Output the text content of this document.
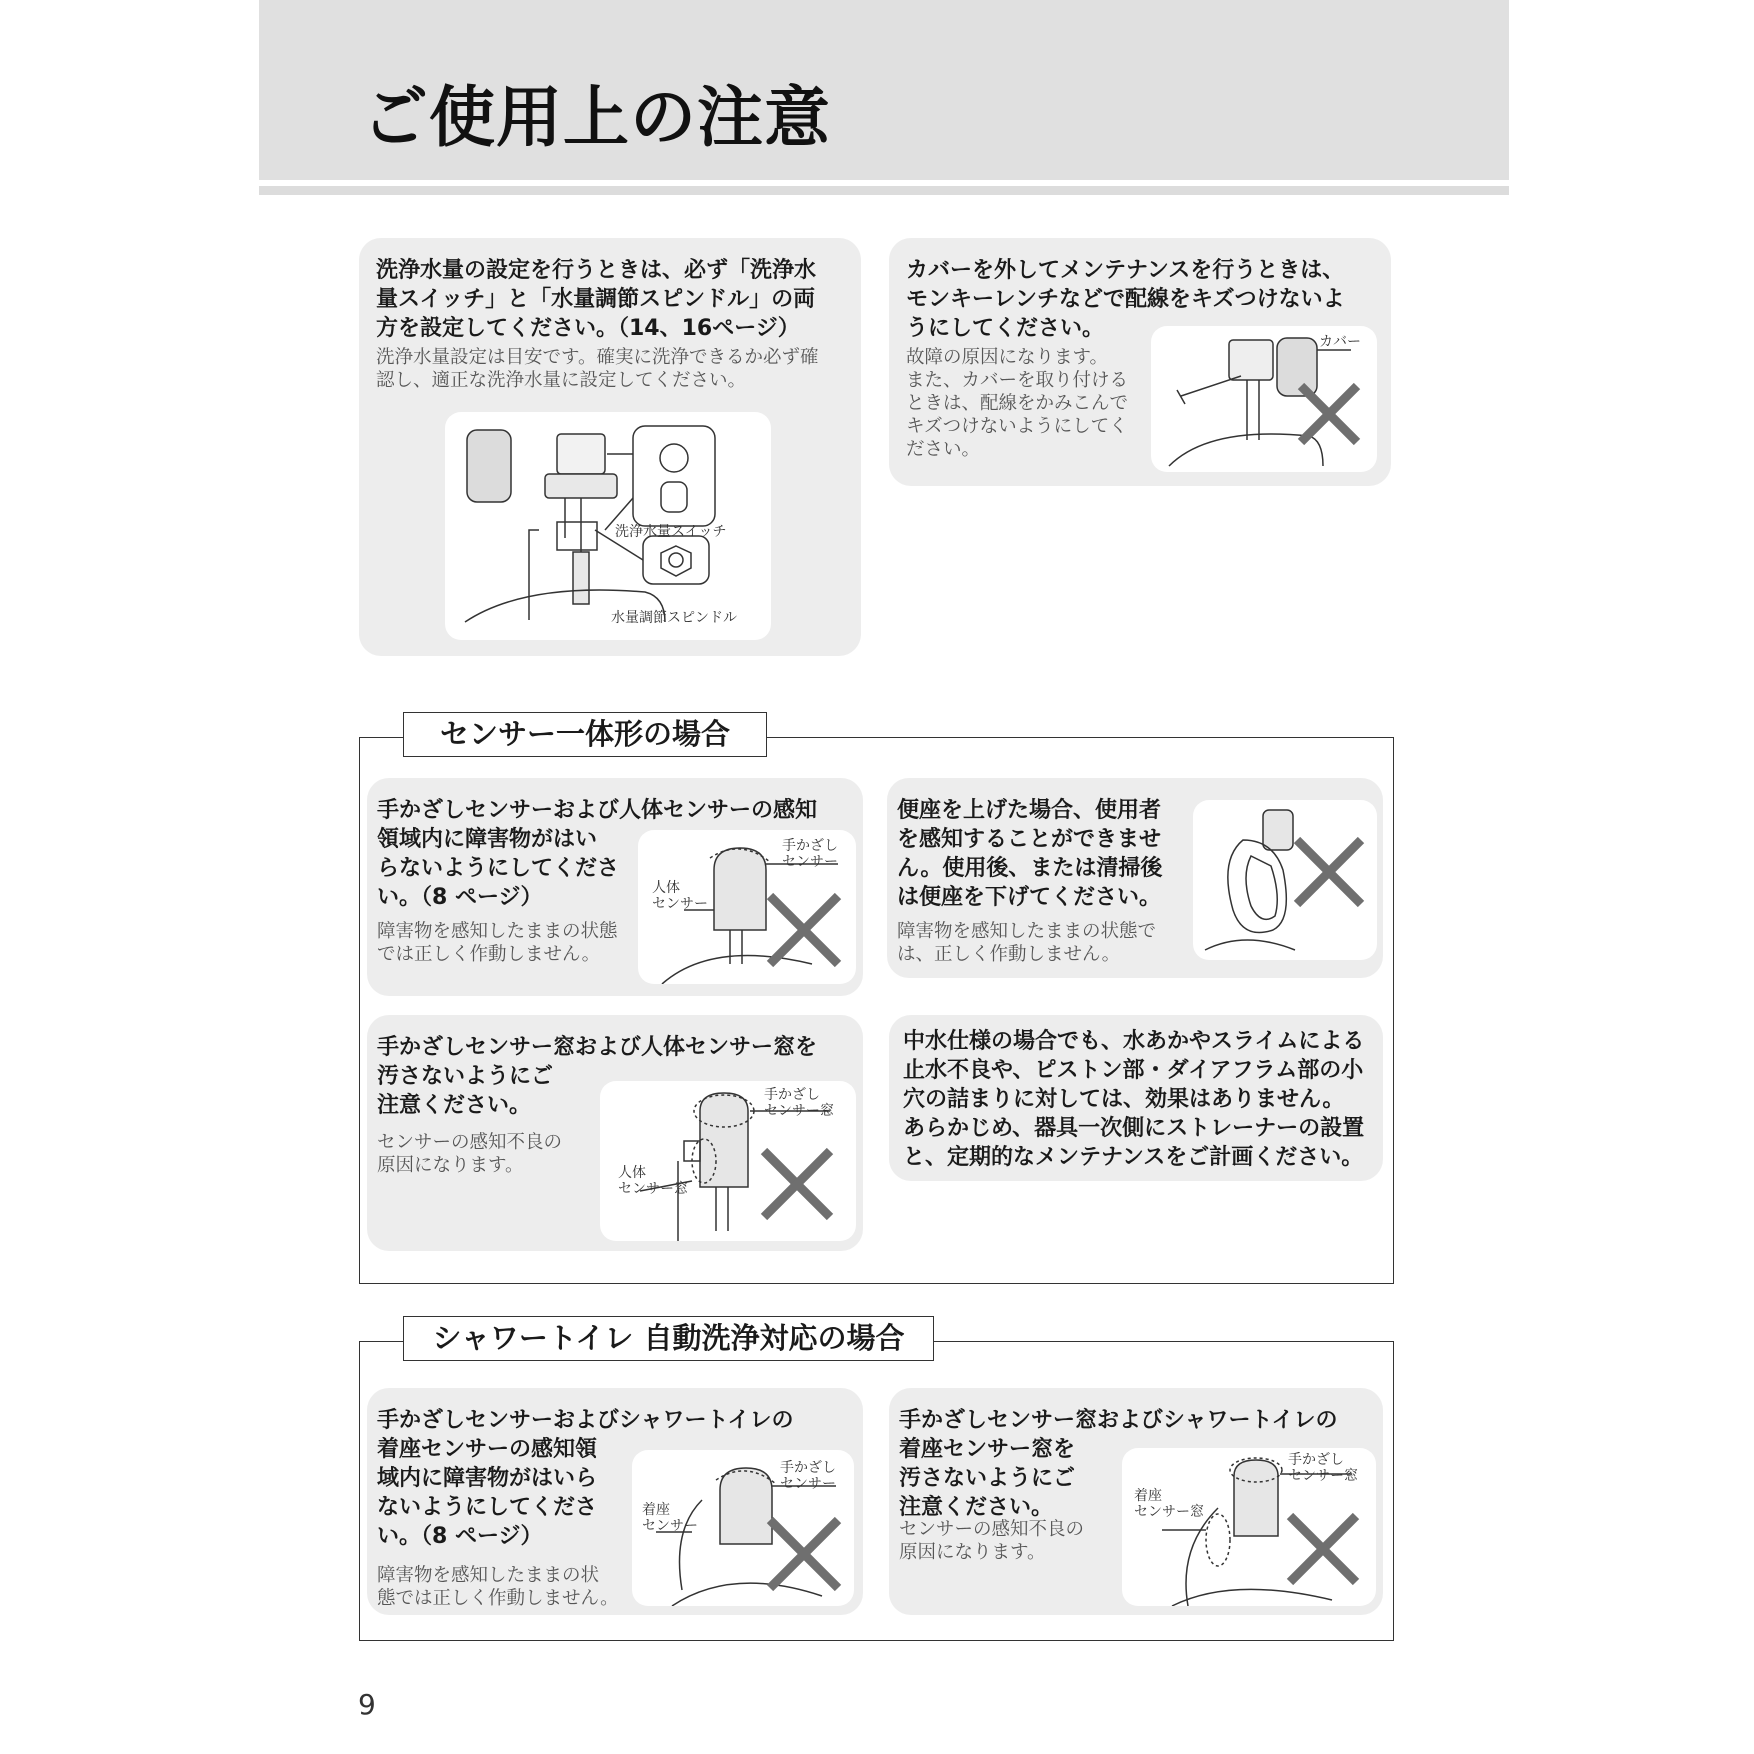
ご使用上の注意
洗浄水量の設定を行うときは、必ず「洗浄水
量スイッチ」と「水量調節スピンドル」の両
方を設定してください。（14、16ページ）
洗浄水量設定は目安です。確実に洗浄できるか必ず確
認し、適正な洗浄水量に設定してください。
洗浄水量スイッチ
水量調節スピンドル
カバーを外してメンテナンスを行うときは、
モンキーレンチなどで配線をキズつけないよ
うにしてください。
故障の原因になります。
また、カバーを取り付ける
ときは、配線をかみこんで
キズつけないようにしてく
ださい。
カバー
センサー一体形の場合
手かざしセンサーおよび人体センサーの感知
領域内に障害物がはい
らないようにしてくださ
い。（8 ページ）
障害物を感知したままの状態
では正しく作動しません。
手かざし センサー
人体 センサー
便座を上げた場合、使用者
を感知することができませ
ん。使用後、または清掃後
は便座を下げてください。
障害物を感知したままの状態で
は、正しく作動しません。
手かざしセンサー窓および人体センサー窓を
汚さないようにご
注意ください。
センサーの感知不良の
原因になります。
手かざし センサー窓
人体 センサー窓
中水仕様の場合でも、水あかやスライムによる
止水不良や、ピストン部・ダイアフラム部の小
穴の詰まりに対しては、効果はありません。
あらかじめ、器具一次側にストレーナーの設置
と、定期的なメンテナンスをご計画ください。
シャワートイレ 自動洗浄対応の場合
手かざしセンサーおよびシャワートイレの
着座センサーの感知領
域内に障害物がはいら
ないようにしてくださ
い。（8 ページ）
障害物を感知したままの状
態では正しく作動しません。
手かざし センサー
着座 センサー
手かざしセンサー窓およびシャワートイレの
着座センサー窓を
汚さないようにご
注意ください。
センサーの感知不良の
原因になります。
手かざし センサー窓
着座 センサー窓
9
